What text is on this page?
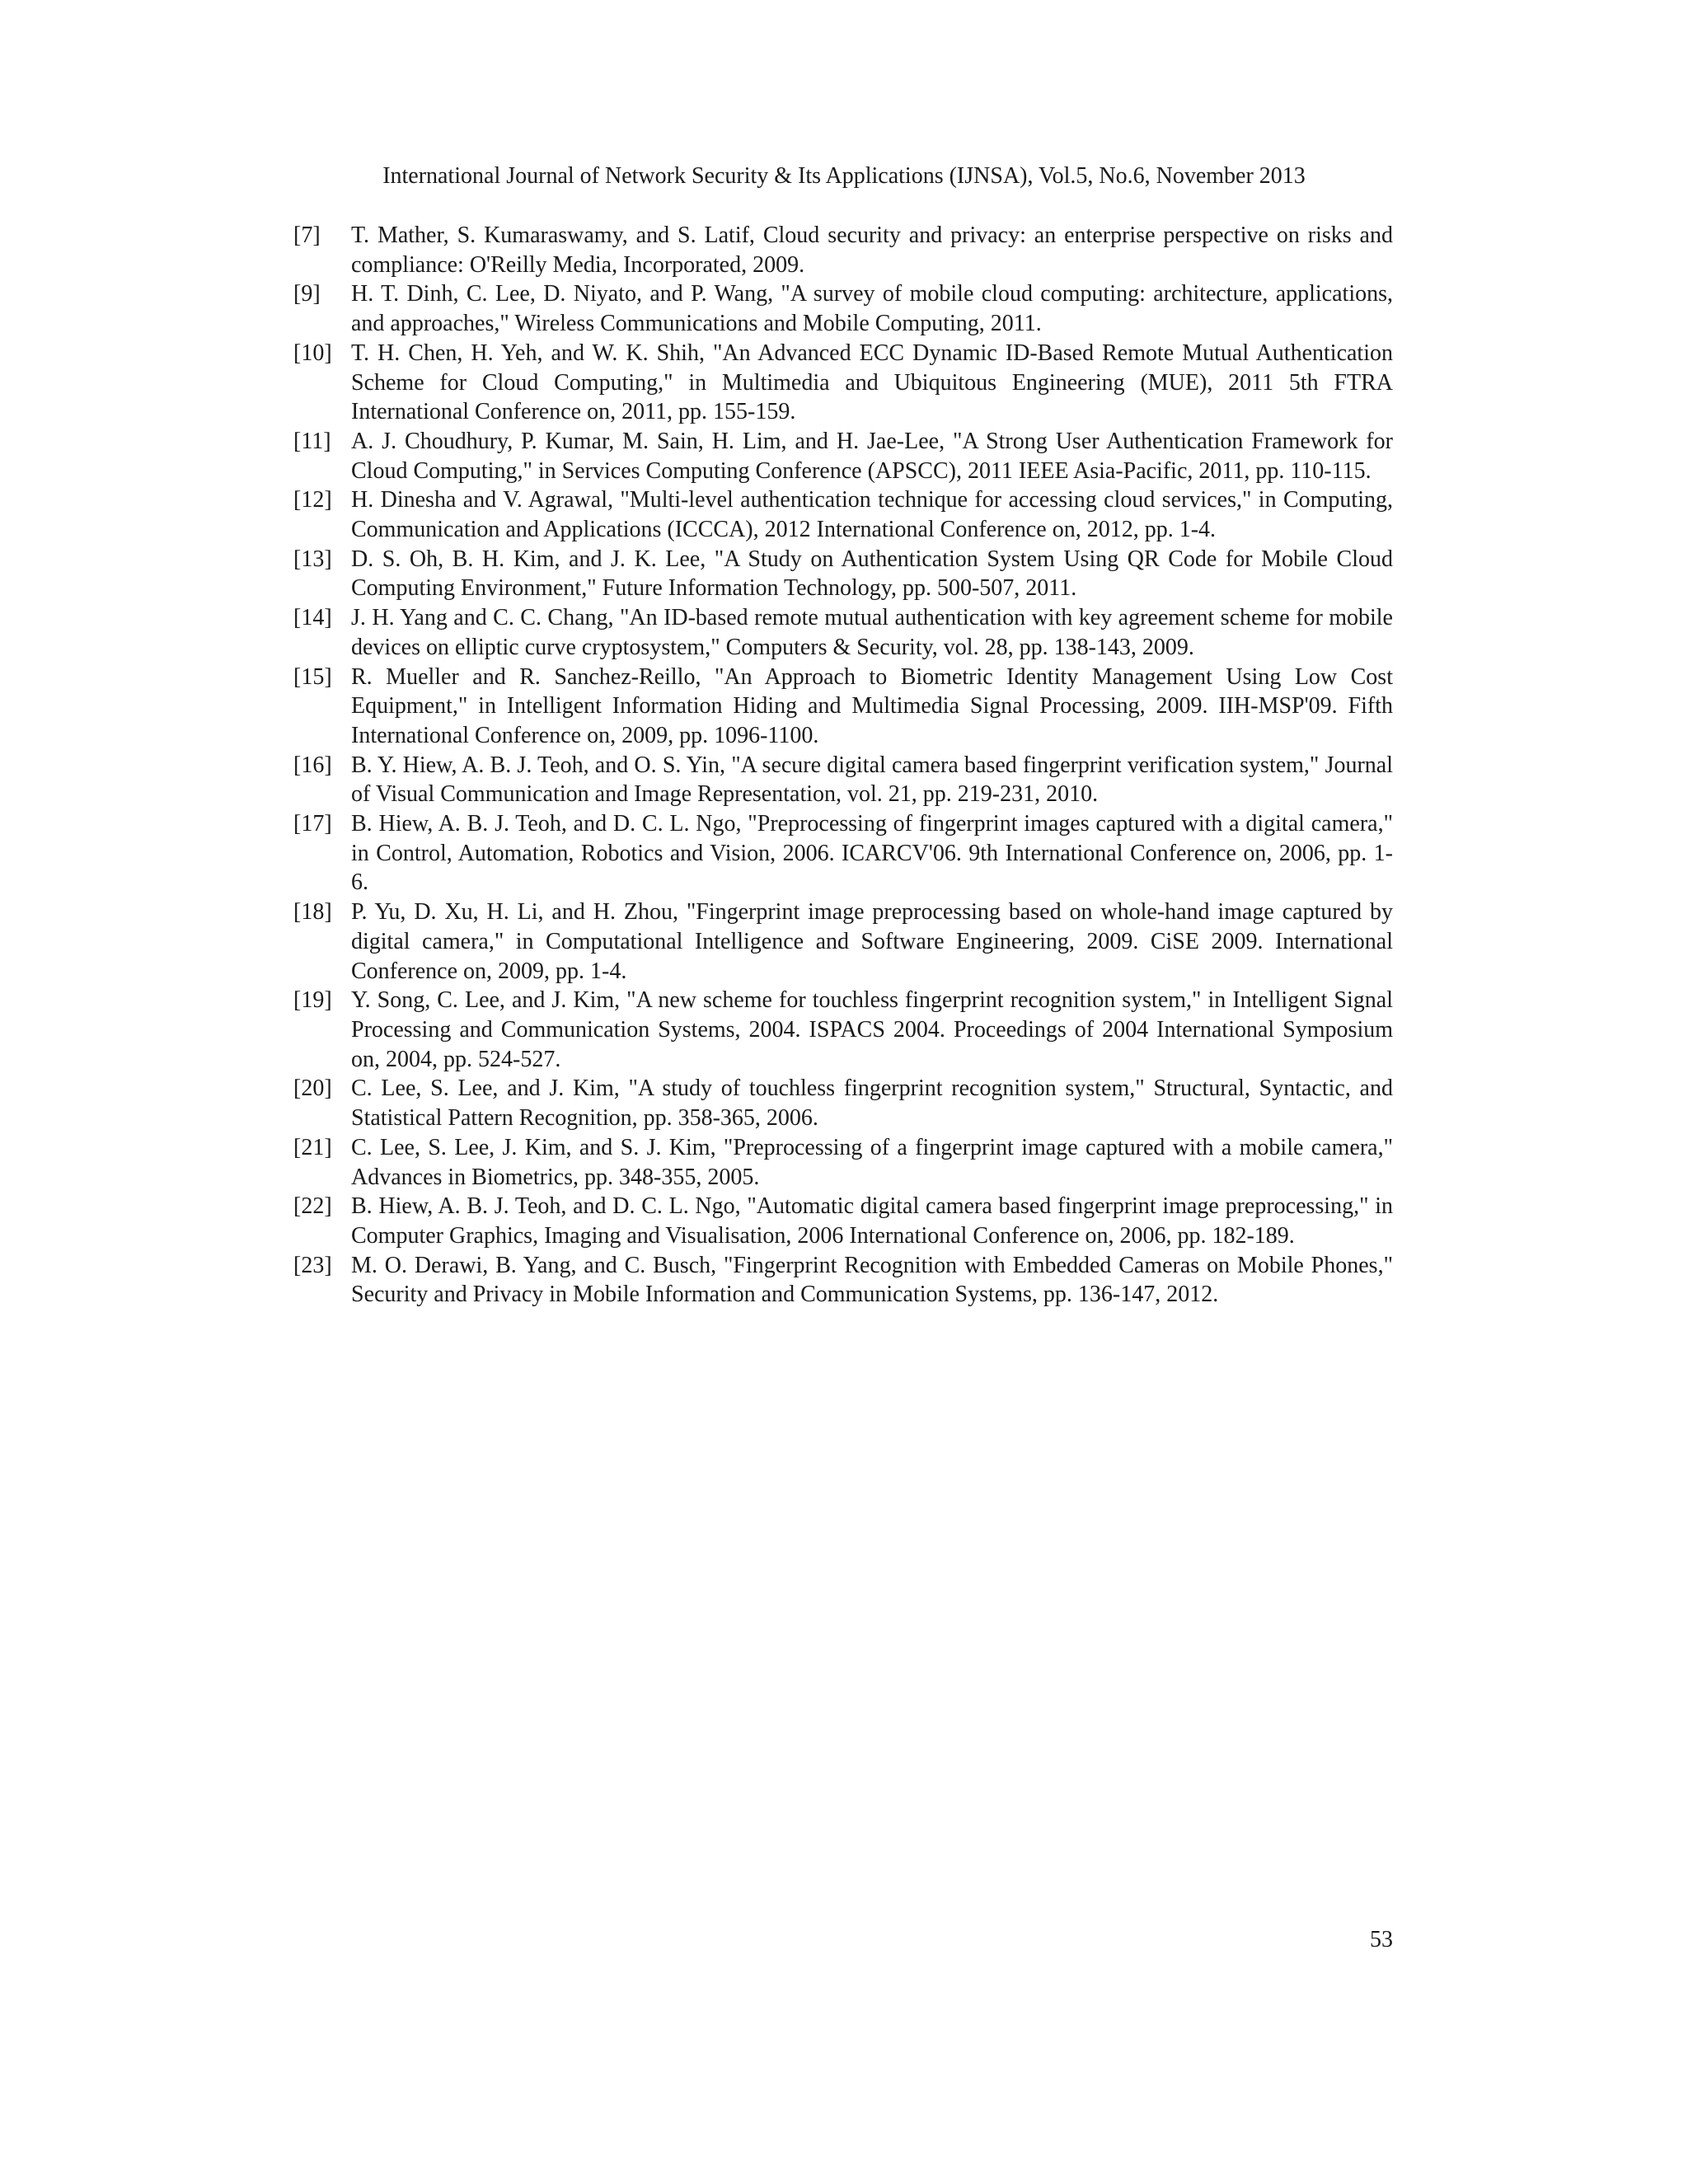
International Journal of Network Security & Its Applications (IJNSA), Vol.5, No.6, November 2013
[7]	T. Mather, S. Kumaraswamy, and S. Latif, Cloud security and privacy: an enterprise perspective on risks and compliance: O'Reilly Media, Incorporated, 2009.
[9]	H. T. Dinh, C. Lee, D. Niyato, and P. Wang, "A survey of mobile cloud computing: architecture, applications, and approaches," Wireless Communications and Mobile Computing, 2011.
[10] T. H. Chen, H. Yeh, and W. K. Shih, "An Advanced ECC Dynamic ID-Based Remote Mutual Authentication Scheme for Cloud Computing," in Multimedia and Ubiquitous Engineering (MUE), 2011 5th FTRA International Conference on, 2011, pp. 155-159.
[11] A. J. Choudhury, P. Kumar, M. Sain, H. Lim, and H. Jae-Lee, "A Strong User Authentication Framework for Cloud Computing," in Services Computing Conference (APSCC), 2011 IEEE Asia-Pacific, 2011, pp. 110-115.
[12] H. Dinesha and V. Agrawal, "Multi-level authentication technique for accessing cloud services," in Computing, Communication and Applications (ICCCA), 2012 International Conference on, 2012, pp. 1-4.
[13] D. S. Oh, B. H. Kim, and J. K. Lee, "A Study on Authentication System Using QR Code for Mobile Cloud Computing Environment," Future Information Technology, pp. 500-507, 2011.
[14] J. H. Yang and C. C. Chang, "An ID-based remote mutual authentication with key agreement scheme for mobile devices on elliptic curve cryptosystem," Computers & Security, vol. 28, pp. 138-143, 2009.
[15] R. Mueller and R. Sanchez-Reillo, "An Approach to Biometric Identity Management Using Low Cost Equipment," in Intelligent Information Hiding and Multimedia Signal Processing, 2009. IIH-MSP'09. Fifth International Conference on, 2009, pp. 1096-1100.
[16] B. Y. Hiew, A. B. J. Teoh, and O. S. Yin, "A secure digital camera based fingerprint verification system," Journal of Visual Communication and Image Representation, vol. 21, pp. 219-231, 2010.
[17] B. Hiew, A. B. J. Teoh, and D. C. L. Ngo, "Preprocessing of fingerprint images captured with a digital camera," in Control, Automation, Robotics and Vision, 2006. ICARCV'06. 9th International Conference on, 2006, pp. 1-6.
[18] P. Yu, D. Xu, H. Li, and H. Zhou, "Fingerprint image preprocessing based on whole-hand image captured by digital camera," in Computational Intelligence and Software Engineering, 2009. CiSE 2009. International Conference on, 2009, pp. 1-4.
[19] Y. Song, C. Lee, and J. Kim, "A new scheme for touchless fingerprint recognition system," in Intelligent Signal Processing and Communication Systems, 2004. ISPACS 2004. Proceedings of 2004 International Symposium on, 2004, pp. 524-527.
[20] C. Lee, S. Lee, and J. Kim, "A study of touchless fingerprint recognition system," Structural, Syntactic, and Statistical Pattern Recognition, pp. 358-365, 2006.
[21] C. Lee, S. Lee, J. Kim, and S. J. Kim, "Preprocessing of a fingerprint image captured with a mobile camera," Advances in Biometrics, pp. 348-355, 2005.
[22] B. Hiew, A. B. J. Teoh, and D. C. L. Ngo, "Automatic digital camera based fingerprint image preprocessing," in Computer Graphics, Imaging and Visualisation, 2006 International Conference on, 2006, pp. 182-189.
[23] M. O. Derawi, B. Yang, and C. Busch, "Fingerprint Recognition with Embedded Cameras on Mobile Phones," Security and Privacy in Mobile Information and Communication Systems, pp. 136-147, 2012.
53
